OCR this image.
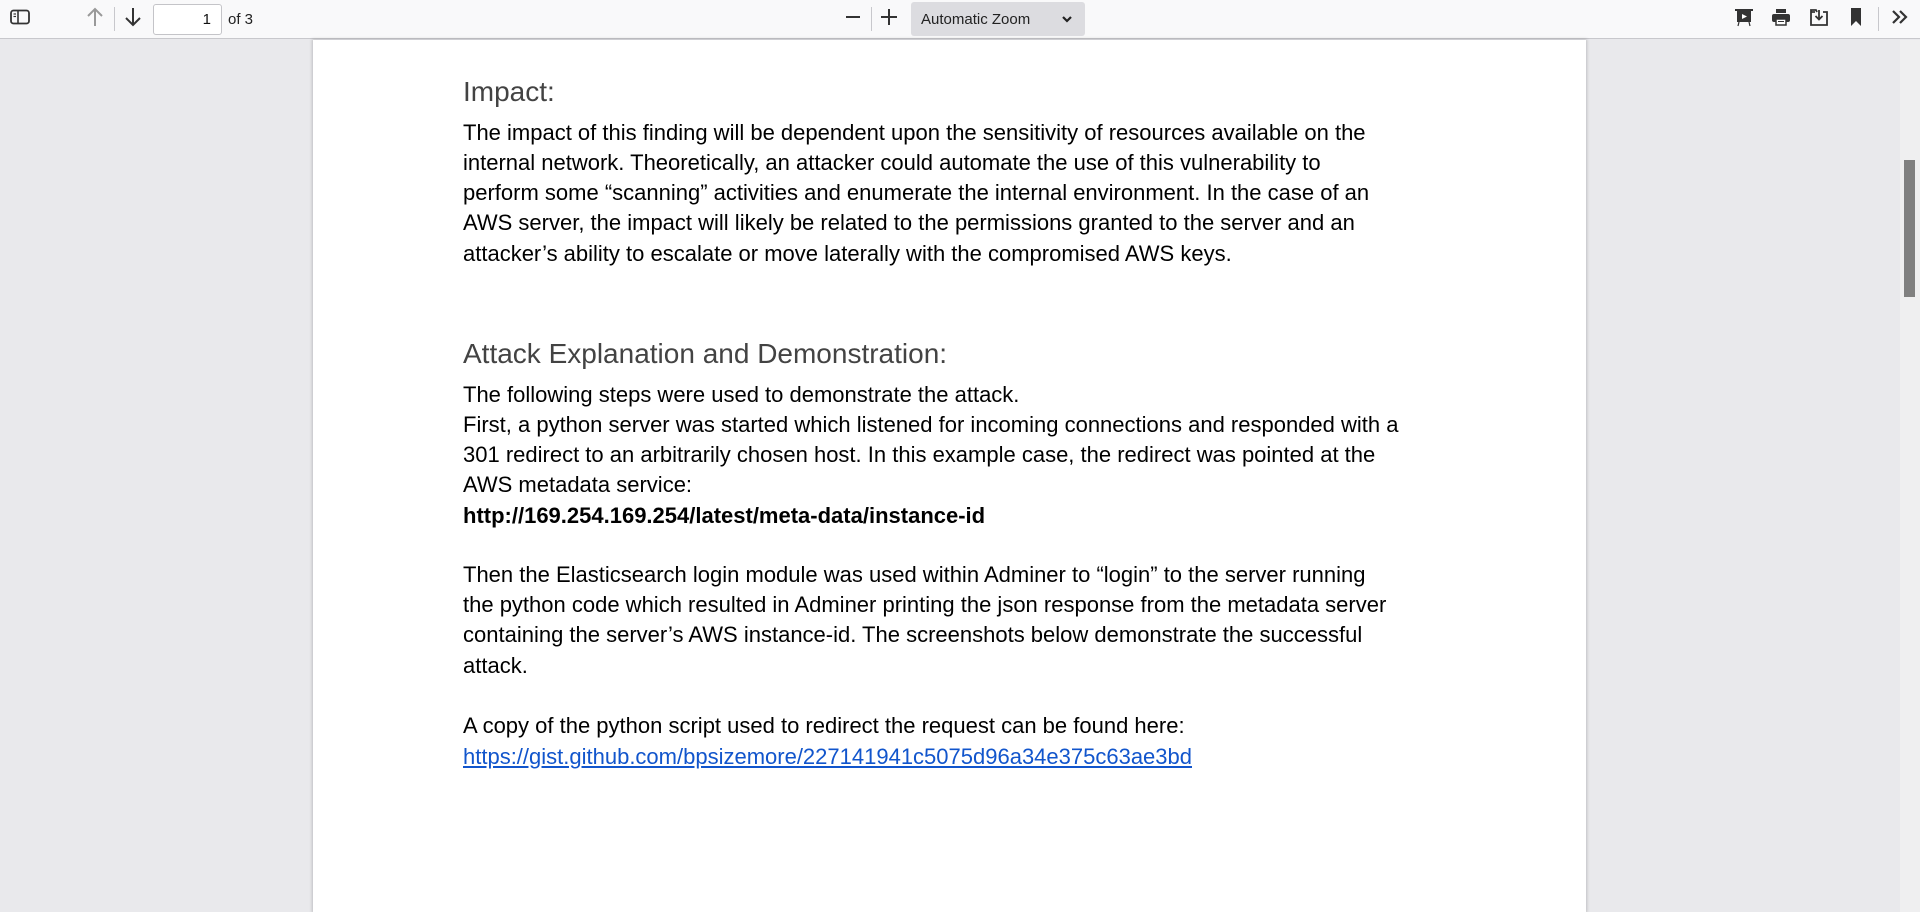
1
of 3	Automatic Zoom
Impact:
The impact of this finding will be dependent upon the sensitivity of resources available on the
internal network. Theoretically, an attacker could automate the use of this vulnerability to
perform some “scanning” activities and enumerate the internal environment. In the case of an
AWS server, the impact will likely be related to the permissions granted to the server and an
attacker’s ability to escalate or move laterally with the compromised AWS keys.
Attack Explanation and Demonstration:
The following steps were used to demonstrate the attack.
First, a python server was started which listened for incoming connections and responded with a
301 redirect to an arbitrarily chosen host. In this example case, the redirect was pointed at the
AWS metadata service:
http://169.254.169.254/latest/meta-data/instance-id
Then the Elasticsearch login module was used within Adminer to “login” to the server running
the python code which resulted in Adminer printing the json response from the metadata server
containing the server’s AWS instance-id. The screenshots below demonstrate the successful
attack.
A copy of the python script used to redirect the request can be found here:
https://gist.github.com/bpsizemore/227141941c5075d96a34e375c63ae3bd
